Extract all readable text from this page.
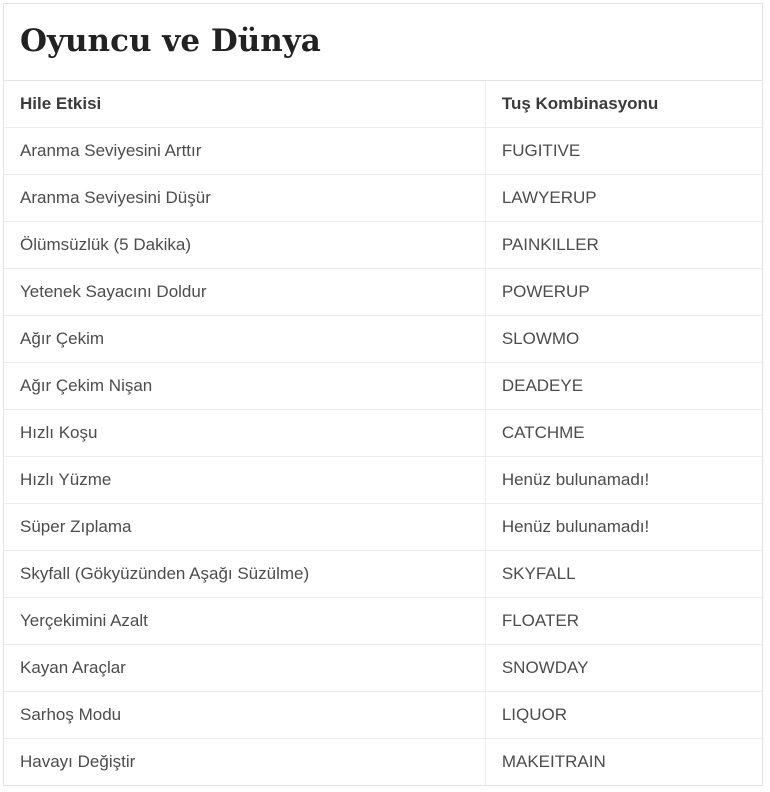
Oyuncu ve Dünya
Hile Etkisi	Tuş Kombinasyonu
Aranma Seviyesini Arttır	FUGITIVE
Aranma Seviyesini Düşür	LAWYERUP
Ölümsüzlük (5 Dakika)	PAINKILLER
Yetenek Sayacını Doldur	POWERUP
Ağır Çekim	SLOWMO
Ağır Çekim Nişan	DEADEYE
Hızlı Koşu	CATCHME
Hızlı Yüzme	Henüz bulunamadı!
Süper Zıplama	Henüz bulunamadı!
Skyfall (Gökyüzünden Aşağı Süzülme)	SKYFALL
Yerçekimini Azalt	FLOATER
Kayan Araçlar	SNOWDAY
Sarhoş Modu	LIQUOR
Havayı Değiştir	MAKEITRAIN
